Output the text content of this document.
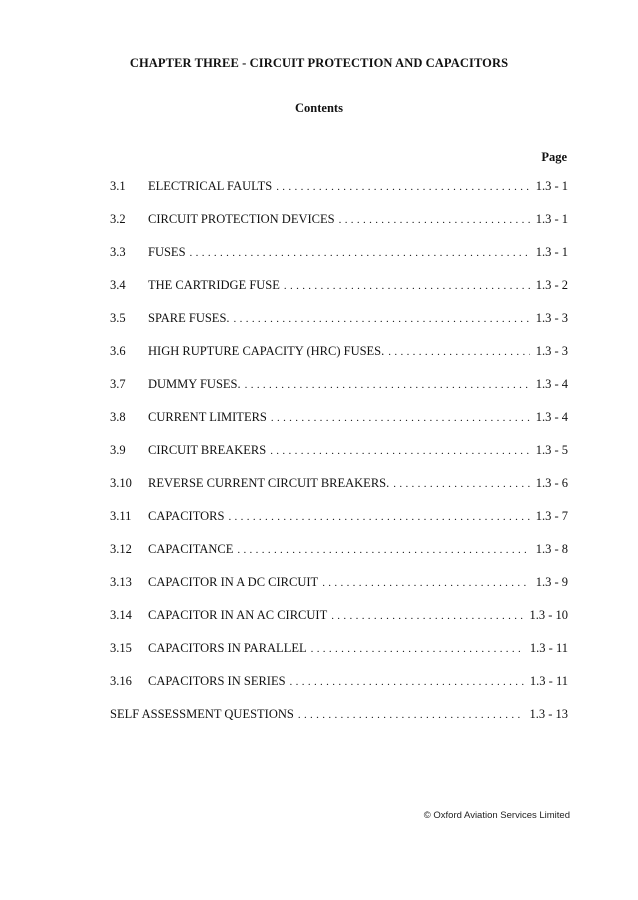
CHAPTER THREE - CIRCUIT PROTECTION AND CAPACITORS
Contents
Page
3.1	ELECTRICAL FAULTS . . .	1.3 - 1
3.2	CIRCUIT PROTECTION DEVICES . . .	1.3 - 1
3.3	FUSES . . .	1.3 - 1
3.4	THE CARTRIDGE FUSE . . .	1.3 - 2
3.5	SPARE FUSES. . . .	1.3 - 3
3.6	HIGH RUPTURE CAPACITY (HRC) FUSES. . . .	1.3 - 3
3.7	DUMMY FUSES. . . .	1.3 - 4
3.8	CURRENT LIMITERS . . .	1.3 - 4
3.9	CIRCUIT BREAKERS . . .	1.3 - 5
3.10	REVERSE CURRENT CIRCUIT BREAKERS. . . .	1.3 - 6
3.11	CAPACITORS . . .	1.3 - 7
3.12	CAPACITANCE . . .	1.3 - 8
3.13	CAPACITOR IN A DC CIRCUIT . . .	1.3 - 9
3.14	CAPACITOR IN AN AC CIRCUIT . . .	1.3 - 10
3.15	CAPACITORS IN PARALLEL . . .	1.3 - 11
3.16	CAPACITORS IN SERIES . . .	1.3 - 11
SELF ASSESSMENT QUESTIONS . . .	1.3 - 13
© Oxford Aviation Services Limited
